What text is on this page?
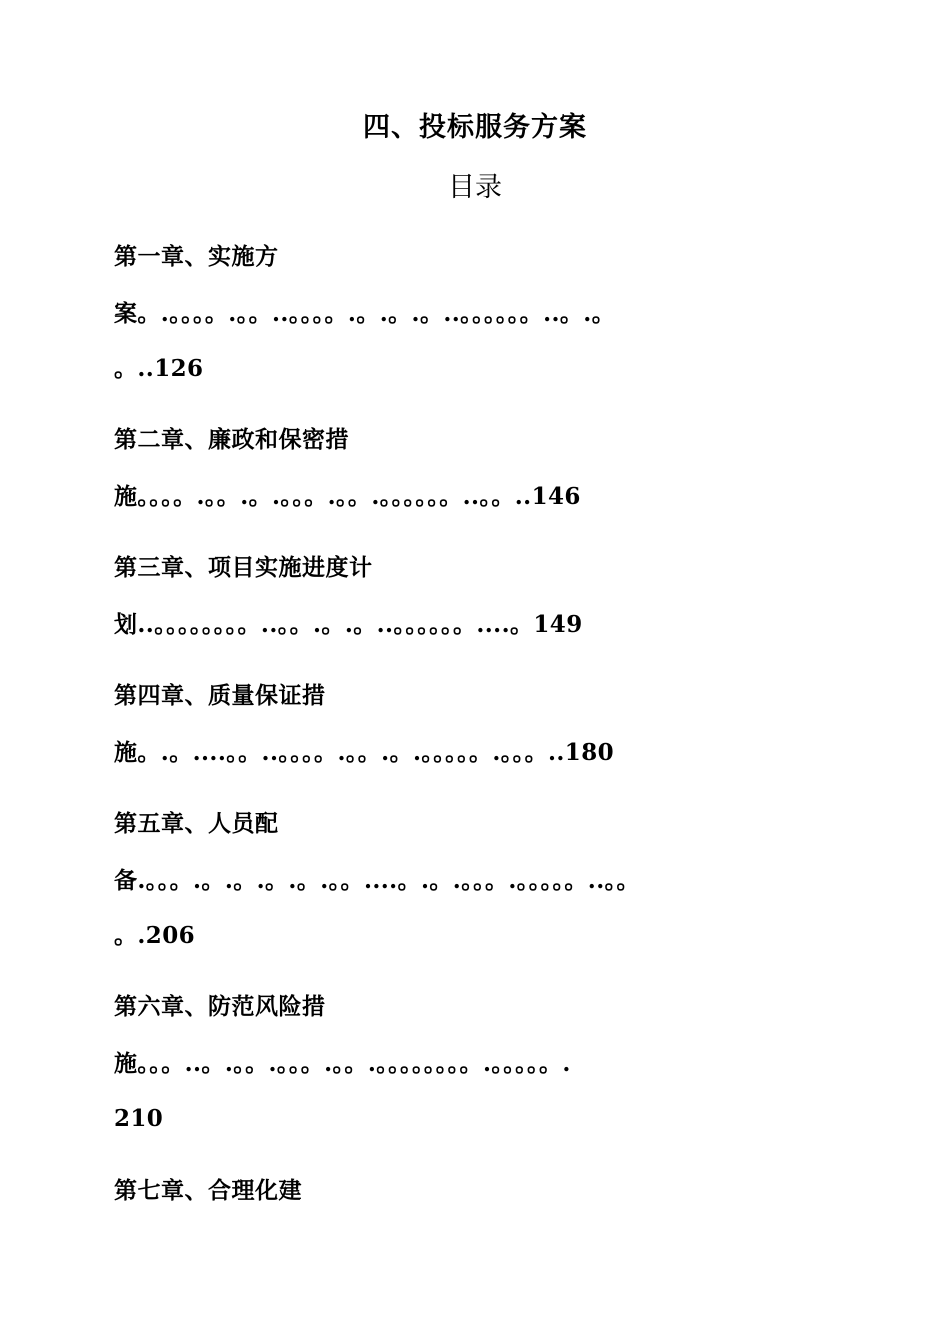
四、投标服务方案
目录
第一章、实施方
案。.。。。。.。。..。。。。.。.。.。..。。。。。。..。.。
。..126
第二章、廉政和保密措
施。。。。.。。.。.。。。.。。.。。。。。。..。。..146
第三章、项目实施进度计
划..。。。。。。。。..。。.。.。..。。。。。。....。149
第四章、质量保证措
施。.。....。。..。。。。.。。.。.。。。。。.。。。..180
第五章、人员配
备.。。。.。.。.。.。.。。....。.。.。。。.。。。。。..。。
。.206
第六章、防范风险措
施。。。..。.。。.。。。.。。.。。。。。。。。.。。。。。.
210
第七章、合理化建
